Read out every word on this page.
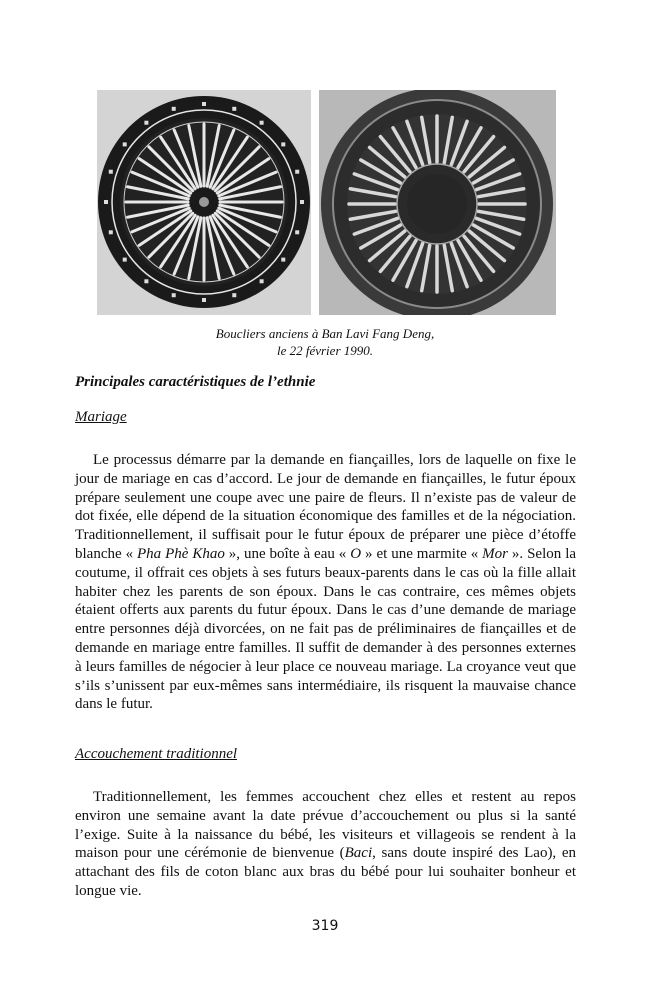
Boucliers anciens à Ban Lavi Fang Deng,
le 22 février 1990.
Principales caractéristiques de l’ethnie
Mariage

Le processus démarre par la demande en fiançailles, lors de laquelle on fixe le jour de mariage en cas d’accord. Le jour de demande en fiançailles, le futur époux prépare seulement une coupe avec une paire de fleurs. Il n’existe pas de valeur de dot fixée, elle dépend de la situation économique des familles et de la négociation. Traditionnellement, il suffisait pour le futur époux de préparer une pièce d’étoffe blanche « Pha Phè Khao », une boîte à eau « O » et une marmite « Mor ». Selon la coutume, il offrait ces objets à ses futurs beaux-parents dans le cas où la fille allait habiter chez les parents de son époux. Dans le cas contraire, ces mêmes objets étaient offerts aux parents du futur époux. Dans le cas d’une demande de mariage entre personnes déjà divorcées, on ne fait pas de préliminaires de fiançailles et de demande en mariage entre familles. Il suffit de demander à des personnes externes à leurs familles de négocier à leur place ce nouveau mariage. La croyance veut que s’ils s’unissent par eux-mêmes sans intermédiaire, ils risquent la mauvaise chance dans le futur.

Accouchement traditionnel

Traditionnellement, les femmes accouchent chez elles et restent au repos environ une semaine avant la date prévue d’accouchement ou plus si la santé l’exige. Suite à la naissance du bébé, les visiteurs et villageois se rendent à la maison pour une cérémonie de bienvenue (Baci, sans doute inspiré des Lao), en attachant des fils de coton blanc aux bras du bébé pour lui souhaiter bonheur et longue vie.

319
